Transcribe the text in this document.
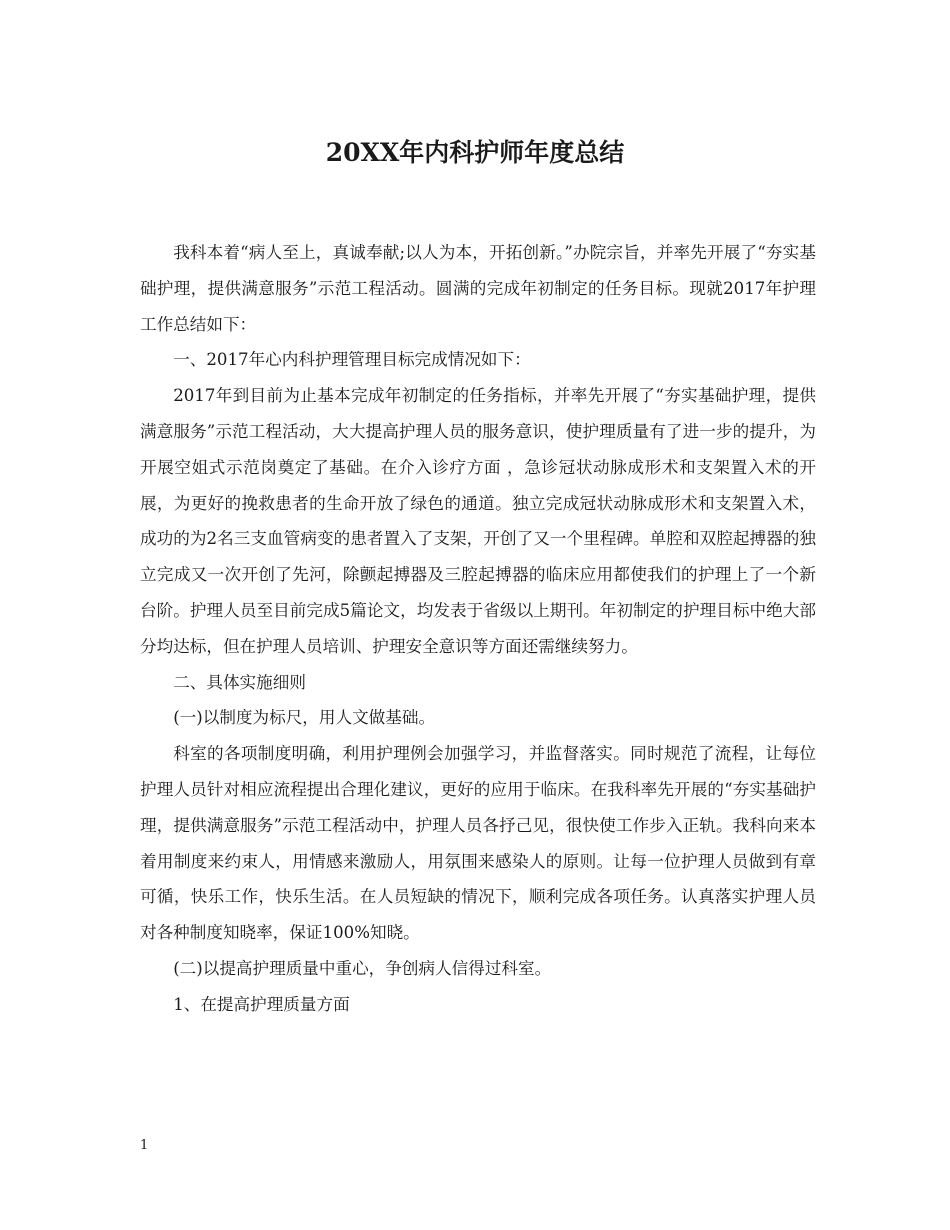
20XX年内科护师年度总结

我科本着“病人至上，真诚奉献;以人为本，开拓创新。”办院宗旨，并率先开展了“夯实基础护理，提供满意服务”示范工程活动。圆满的完成年初制定的任务目标。现就2017年护理工作总结如下：

一、2017年心内科护理管理目标完成情况如下：

2017年到目前为止基本完成年初制定的任务指标，并率先开展了“夯实基础护理，提供满意服务”示范工程活动，大大提高护理人员的服务意识，使护理质量有了进一步的提升，为开展空姐式示范岗奠定了基础。在介入诊疗方面 ，急诊冠状动脉成形术和支架置入术的开展，为更好的挽救患者的生命开放了绿色的通道。独立完成冠状动脉成形术和支架置入术，成功的为2名三支血管病变的患者置入了支架，开创了又一个里程碑。单腔和双腔起搏器的独立完成又一次开创了先河，除颤起搏器及三腔起搏器的临床应用都使我们的护理上了一个新台阶。护理人员至目前完成5篇论文，均发表于省级以上期刊。年初制定的护理目标中绝大部分均达标，但在护理人员培训、护理安全意识等方面还需继续努力。

二、具体实施细则

(一)以制度为标尺，用人文做基础。

科室的各项制度明确，利用护理例会加强学习，并监督落实。同时规范了流程，让每位护理人员针对相应流程提出合理化建议，更好的应用于临床。在我科率先开展的“夯实基础护理，提供满意服务”示范工程活动中，护理人员各抒己见，很快使工作步入正轨。我科向来本着用制度来约束人，用情感来激励人，用氛围来感染人的原则。让每一位护理人员做到有章可循，快乐工作，快乐生活。在人员短缺的情况下，顺利完成各项任务。认真落实护理人员对各种制度知晓率，保证100%知晓。

(二)以提高护理质量中重心，争创病人信得过科室。

1、在提高护理质量方面

1
